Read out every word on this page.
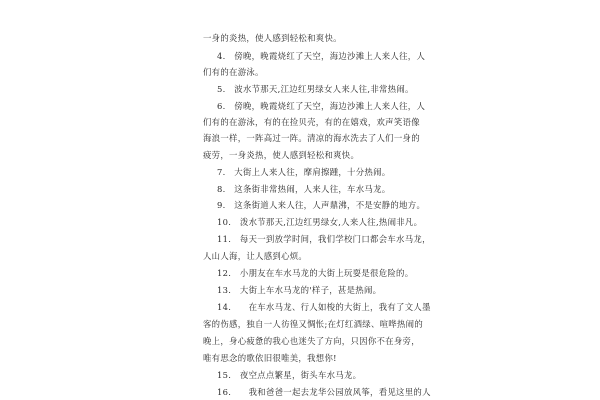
一身的炎热，使人感到轻松和爽快。
4.　傍晚，晚霞烧红了天空，海边沙滩上人来人往，人
们有的在游泳。
5.　波水节那天,江边红男绿女人来人往,非常热闹。
6.　傍晚，晚霞烧红了天空，海边沙滩上人来人往，人
们有的在游泳，有的在捡贝壳，有的在嬉戏，欢声笑语像
海浪一样，一阵高过一阵。清凉的海水洗去了人们一身的
疲劳，一身炎热，使人感到轻松和爽快。
7.　大街上人来人往，摩肩擦踵，十分热闹。
8.　这条街非常热闹，人来人往，车水马龙。
9.　这条街道人来人往，人声鼎沸，不是安静的地方。
10.　泼水节那天,江边红男绿女,人来人往,热闹非凡。
11.　每天一到放学时间，我们学校门口都会车水马龙，
人山人海，让人感到心烦。
12.　小朋友在车水马龙的大街上玩耍是很危险的。
13.　大街上车水马龙的'样子，甚是热闹。
14.　　在车水马龙、行人如梭的大街上，我有了文人墨
客的伤感，独自一人彷徨又惆怅;在灯红酒绿、喧哗热闹的
晚上，身心疲惫的我心也迷失了方向，只因你不在身旁，
唯有思念的歌依旧很唯美，我想你!
15.　夜空点点繁星，街头车水马龙。
16.　　我和爸爸一起去龙华公园放风筝，看见这里的人
